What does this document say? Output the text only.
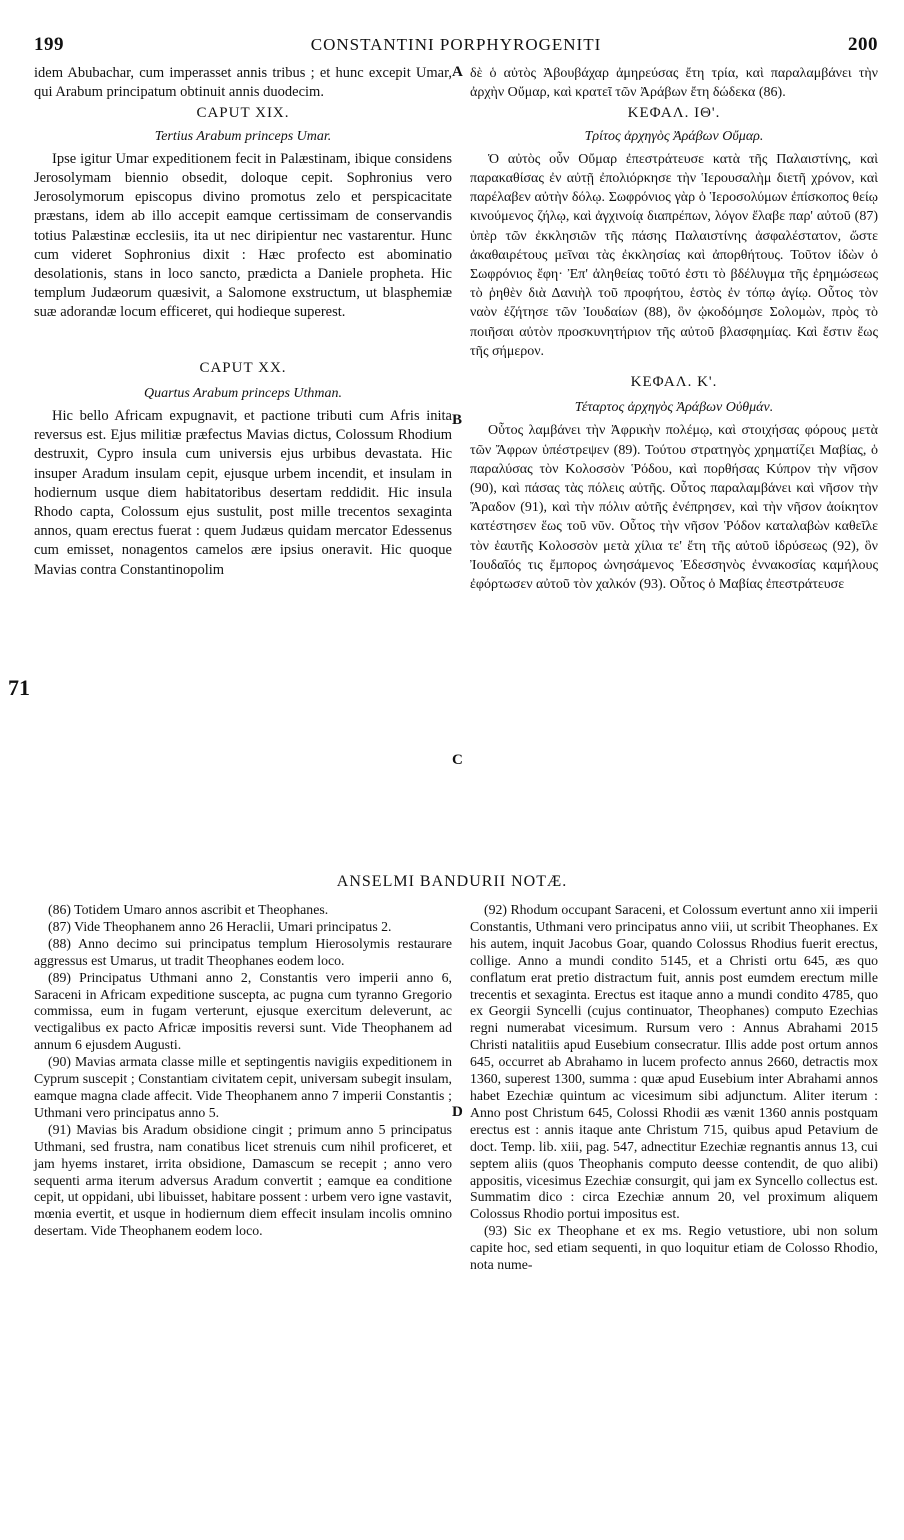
199	CONSTANTINI PORPHYROGENITI	200

idem Abubachar, cum imperasset annis tribus ; et hunc excepit Umar, qui Arabum principatum obtinuit annis duodecim.

CAPUT XIX.

Tertius Arabum princeps Umar.

Ipse igitur Umar expeditionem fecit in Palæstinam, ibique considens Jerosolymam biennio obsedit, doloque cepit. Sophronius vero Jerosolymorum episcopus divino promotus zelo et perspicacitate præstans, idem ab illo accepit eamque certissimam de conservandis totius Palæstinæ ecclesiis, ita ut nec diripientur nec vastarentur. Hunc cum videret Sophronius dixit : Hæc profecto est abominatio desolationis, stans in loco sancto, prædicta a Daniele propheta. Hic templum Judæorum quæsivit, a Salomone exstructum, ut blasphemiæ suæ adorandæ locum efficeret, qui hodieque superest.

CAPUT XX.

Quartus Arabum princeps Uthman.

Hic bello Africam expugnavit, et pactione tributi cum Afris inita reversus est. Ejus militiæ præfectus Mavias dictus, Colossum Rhodium destruxit, Cypro insula cum universis ejus urbibus devastata. Hic insuper Aradum insulam cepit, ejusque urbem incendit, et insulam in hodiernum usque diem habitatoribus desertam reddidit. Hic insula Rhodo capta, Colossum ejus sustulit, post mille trecentos sexaginta annos, quam erectus fuerat : quem Judæus quidam mercator Edessenus cum emisset, nonagentos camelos ære ipsius oneravit. Hic quoque Mavias contra Constantinopolim

δὲ ὁ αὐτὸς Ἀβουβάχαρ ἀμηρεύσας ἔτη τρία, καὶ παραλαμβάνει τὴν ἀρχὴν Οὔμαρ, καὶ κρατεῖ τῶν Ἀράβων ἔτη δώδεκα (86).

ΚΕΦΑΛ. ΙΘ'.

Τρίτος ἀρχηγὸς Ἀράβων Οὔμαρ.

Ὁ αὐτὸς οὖν Οὔμαρ ἐπεστράτευσε κατὰ τῆς Παλαιστίνης, καὶ παρακαθίσας ἐν αὐτῇ ἐπολιόρκησε τὴν Ἱερουσαλὴμ διετῆ χρόνον, καὶ παρέλαβεν αὐτὴν δόλῳ. Σωφρόνιος γὰρ ὁ Ἱεροσολύμων ἐπίσκοπος θείῳ κινούμενος ζήλῳ, καὶ ἀγχινοίᾳ διαπρέπων, λόγον ἔλαβε παρ' αὐτοῦ (87) ὑπὲρ τῶν ἐκκλησιῶν τῆς πάσης Παλαιστίνης ἀσφαλέστατον, ὥστε ἀκαθαιρέτους μεῖναι τὰς ἐκκλησίας καὶ ἀπορθήτους. Τοῦτον ἰδὼν ὁ Σωφρόνιος ἔφη· Ἐπ' ἀληθείας τοῦτό ἐστι τὸ βδέλυγμα τῆς ἐρημώσεως τὸ ῥηθὲν διὰ Δανιὴλ τοῦ προφήτου, ἑστὸς ἐν τόπῳ ἁγίῳ. Οὗτος τὸν ναὸν ἐζήτησε τῶν Ἰουδαίων (88), ὃν ᾠκοδόμησε Σολομὼν, πρὸς τὸ ποιῆσαι αὐτὸν προσκυνητήριον τῆς αὐτοῦ βλασφημίας. Καὶ ἔστιν ἕως τῆς σήμερον.

ΚΕΦΑΛ. Κ'.

Τέταρτος ἀρχηγὸς Ἀράβων Οὐθμάν.

Οὗτος λαμβάνει τὴν Ἀφρικὴν πολέμῳ, καὶ στοιχήσας φόρους μετὰ τῶν Ἄφρων ὑπέστρεψεν (89). Τούτου στρατηγὸς χρηματίζει Μαβίας, ὁ παραλύσας τὸν Κολοσσὸν Ῥόδου, καὶ πορθήσας Κύπρον τὴν νῆσον (90), καὶ πάσας τὰς πόλεις αὐτῆς. Οὗτος παραλαμβάνει καὶ νῆσον τὴν Ἄραδον (91), καὶ τὴν πόλιν αὐτῆς ἐνέπρησεν, καὶ τὴν νῆσον ἀοίκητον κατέστησεν ἕως τοῦ νῦν. Οὗτος τὴν νῆσον Ῥόδον καταλαβὼν καθεῖλε τὸν ἑαυτῆς Κολοσσὸν μετὰ χίλια τε' ἔτη τῆς αὐτοῦ ἱδρύσεως (92), ὃν Ἰουδαῖός τις ἔμπορος ὠνησάμενος Ἐδεσσηνὸς ἐννακοσίας καμήλους ἐφόρτωσεν αὐτοῦ τὸν χαλκόν (93). Οὗτος ὁ Μαβίας ἐπεστράτευσε

A
B
C
D
71
ANSELMI BANDURII NOTÆ.

(86) Totidem Umaro annos ascribit et Theophanes.

(87) Vide Theophanem anno 26 Heraclii, Umari principatus 2.

(88) Anno decimo sui principatus templum Hierosolymis restaurare aggressus est Umarus, ut tradit Theophanes eodem loco.

(89) Principatus Uthmani anno 2, Constantis vero imperii anno 6, Saraceni in Africam expeditione suscepta, ac pugna cum tyranno Gregorio commissa, eum in fugam verterunt, ejusque exercitum deleverunt, ac vectigalibus ex pacto Africæ impositis reversi sunt. Vide Theophanem ad annum 6 ejusdem Augusti.

(90) Mavias armata classe mille et septingentis navigiis expeditionem in Cyprum suscepit ; Constantiam civitatem cepit, universam subegit insulam, eamque magna clade affecit. Vide Theophanem anno 7 imperii Constantis ; Uthmani vero principatus anno 5.

(91) Mavias bis Aradum obsidione cingit ; primum anno 5 principatus Uthmani, sed frustra, nam conatibus licet strenuis cum nihil proficeret, et jam hyems instaret, irrita obsidione, Damascum se recepit ; anno vero sequenti arma iterum adversus Aradum convertit ; eamque ea conditione cepit, ut oppidani, ubi libuisset, habitare possent : urbem vero igne vastavit, mœnia evertit, et usque in hodiernum diem effecit insulam incolis omnino desertam. Vide Theophanem eodem loco.

(92) Rhodum occupant Saraceni, et Colossum evertunt anno xii imperii Constantis, Uthmani vero principatus anno viii, ut scribit Theophanes. Ex his autem, inquit Jacobus Goar, quando Colossus Rhodius fuerit erectus, collige. Anno a mundi condito 5145, et a Christi ortu 645, æs quo conflatum erat pretio distractum fuit, annis post eumdem erectum mille trecentis et sexaginta. Erectus est itaque anno a mundi condito 4785, quo ex Georgii Syncelli (cujus continuator, Theophanes) computo Ezechias regni numerabat vicesimum. Rursum vero : Annus Abrahami 2015 Christi natalitiis apud Eusebium consecratur. Illis adde post ortum annos 645, occurret ab Abrahamo in lucem profecto annus 2660, detractis mox 1360, superest 1300, summa : quæ apud Eusebium inter Abrahami annos habet Ezechiæ quintum ac vicesimum sibi adjunctum. Aliter iterum : Anno post Christum 645, Colossi Rhodii æs vænit 1360 annis postquam erectus est : annis itaque ante Christum 715, quibus apud Petavium de doct. Temp. lib. xiii, pag. 547, adnectitur Ezechiæ regnantis annus 13, cui septem aliis (quos Theophanis computo deesse contendit, de quo alibi) appositis, vicesimus Ezechiæ consurgit, qui jam ex Syncello collectus est. Summatim dico : circa Ezechiæ annum 20, vel proximum aliquem Colossus Rhodio portui impositus est.

(93) Sic ex Theophane et ex ms. Regio vetustiore, ubi non solum capite hoc, sed etiam sequenti, in quo loquitur etiam de Colosso Rhodio, nota nume-
